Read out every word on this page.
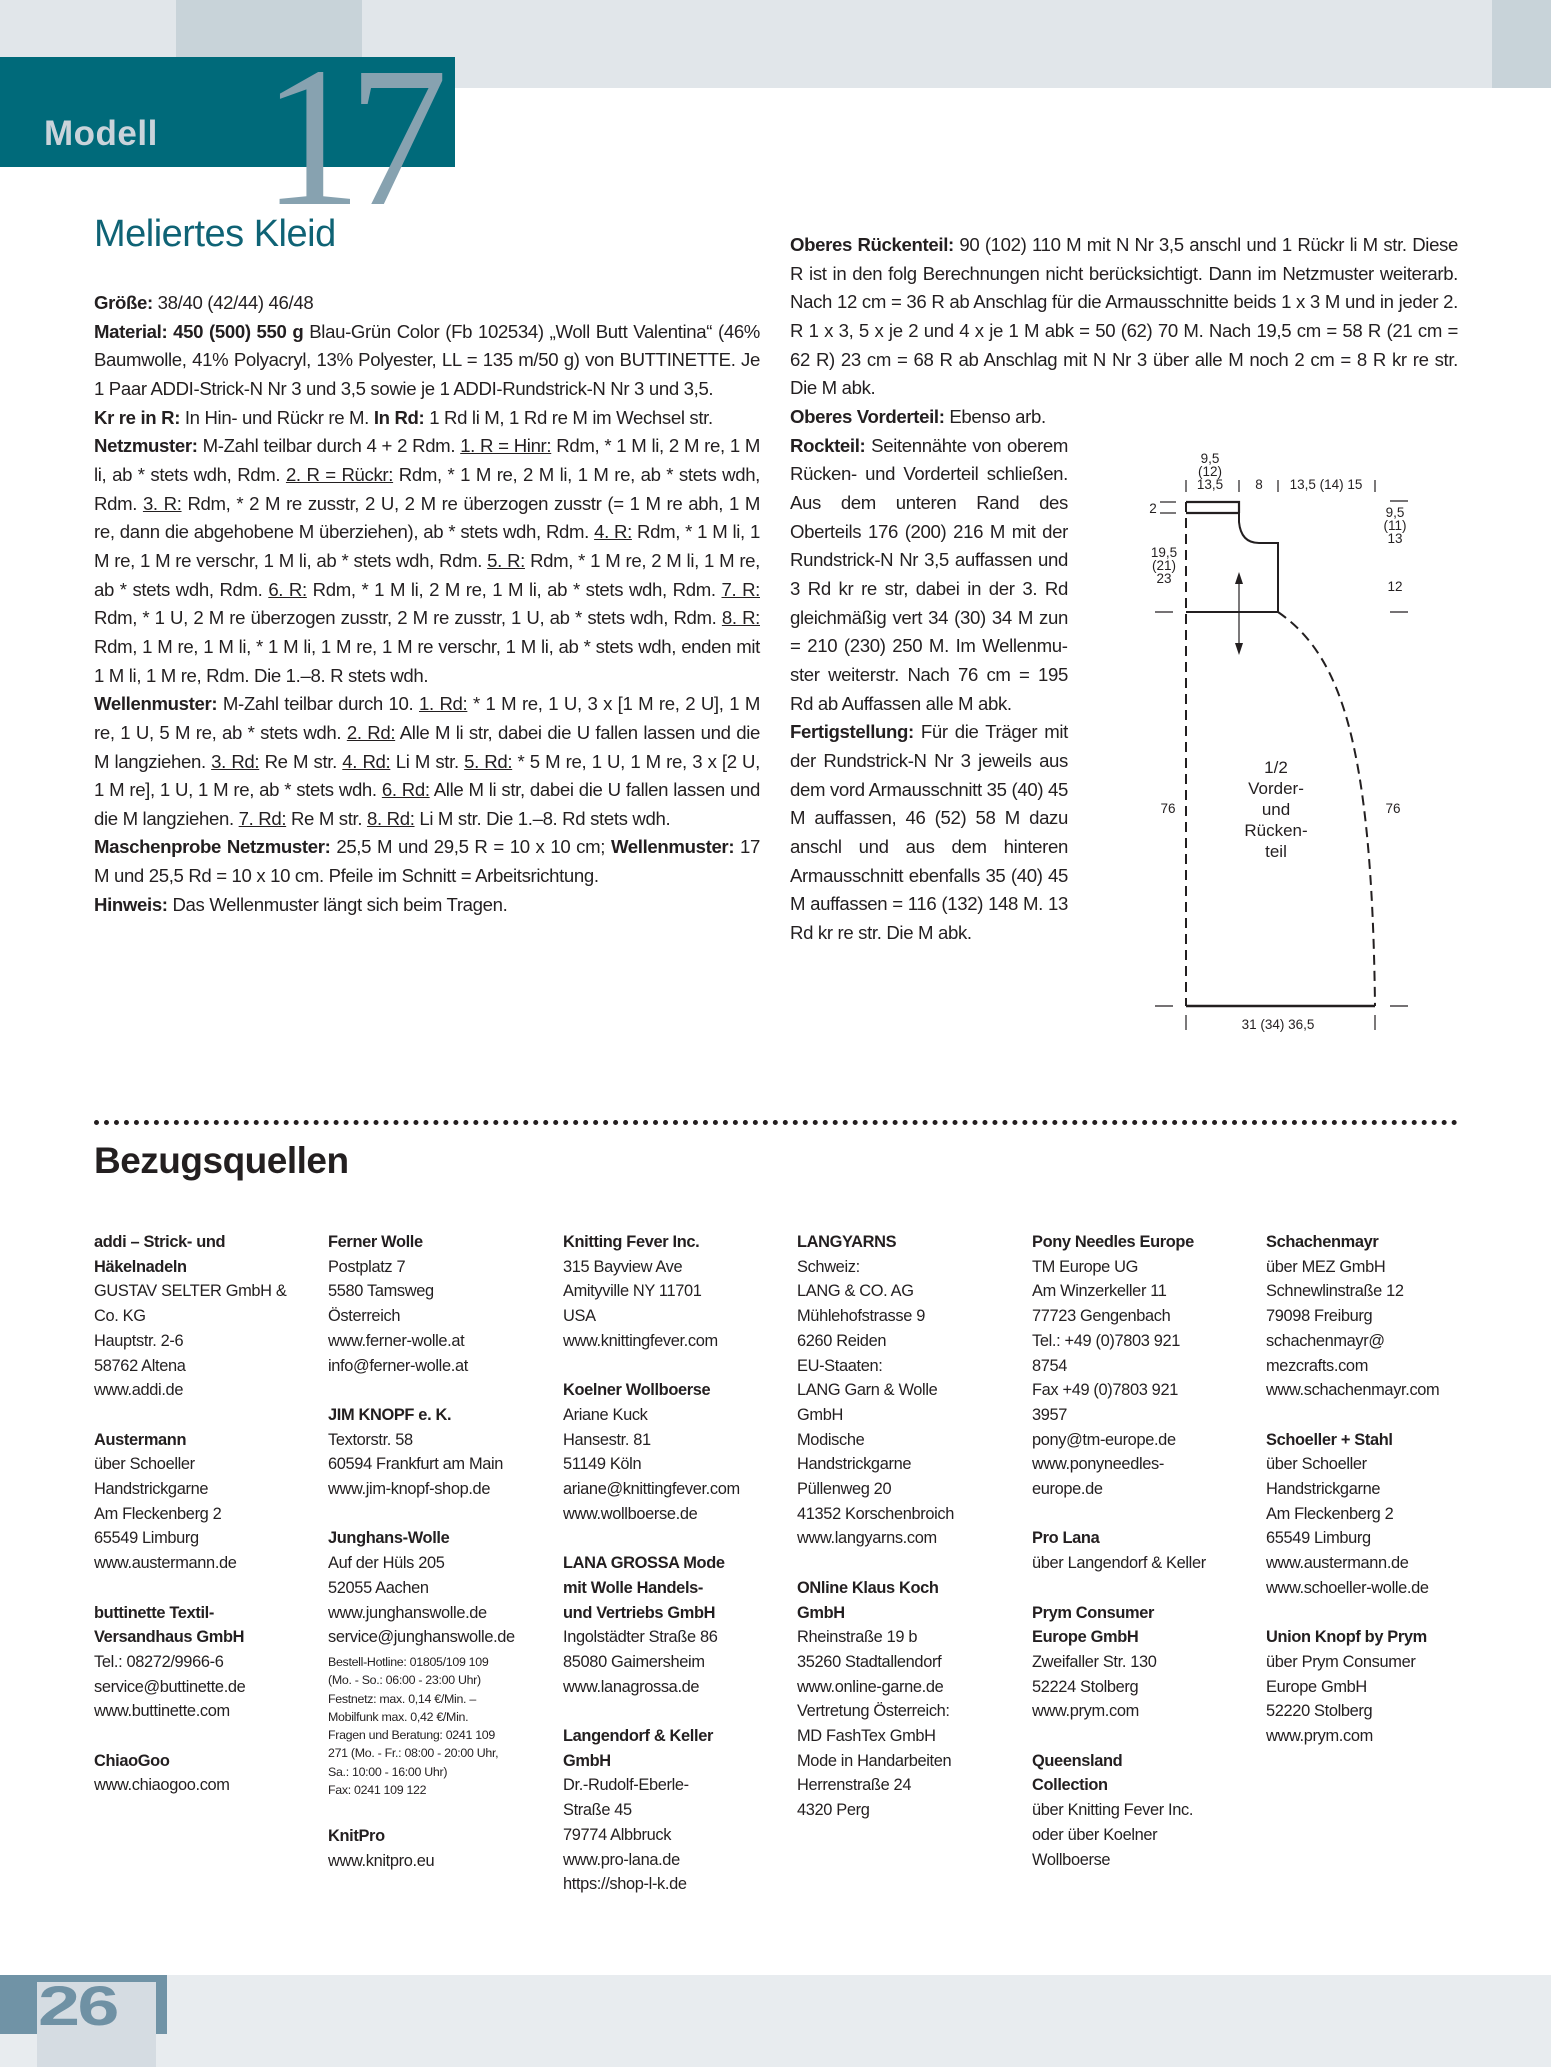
Modell 17
Meliertes Kleid

Größe: 38/40 (42/44) 46/48

Material: 450 (500) 550 g Blau-Grün Color (Fb 102534) „Woll Butt Valentina“ (46% Baumwolle, 41% Polyacryl, 13% Polyester, LL = 135 m/50 g) von BUTTINETTE. Je 1 Paar ADDI-Strick-N Nr 3 und 3,5 sowie je 1 ADDI-Rundstrick-N Nr 3 und 3,5.

Kr re in R: In Hin- und Rückr re M. In Rd: 1 Rd li M, 1 Rd re M im Wechsel str.

Netzmuster: M-Zahl teilbar durch 4 + 2 Rdm. 1. R = Hinr: Rdm, * 1 M li, 2 M re, 1 M li, ab * stets wdh, Rdm. 2. R = Rückr: Rdm, * 1 M re, 2 M li, 1 M re, ab * stets wdh, Rdm. 3. R: Rdm, * 2 M re zusstr, 2 U, 2 M re überzogen zusstr (= 1 M re abh, 1 M re, dann die abgehobene M überziehen), ab * stets wdh, Rdm. 4. R: Rdm, * 1 M li, 1 M re, 1 M re verschr, 1 M li, ab * stets wdh, Rdm. 5. R: Rdm, * 1 M re, 2 M li, 1 M re, ab * stets wdh, Rdm. 6. R: Rdm, * 1 M li, 2 M re, 1 M li, ab * stets wdh, Rdm. 7. R: Rdm, * 1 U, 2 M re überzogen zusstr, 2 M re zusstr, 1 U, ab * stets wdh, Rdm. 8. R: Rdm, 1 M re, 1 M li, * 1 M li, 1 M re, 1 M re verschr, 1 M li, ab * stets wdh, enden mit 1 M li, 1 M re, Rdm. Die 1.–8. R stets wdh.

Wellenmuster: M-Zahl teilbar durch 10. 1. Rd: * 1 M re, 1 U, 3 x [1 M re, 2 U], 1 M re, 1 U, 5 M re, ab * stets wdh. 2. Rd: Alle M li str, dabei die U fallen lassen und die M langziehen. 3. Rd: Re M str. 4. Rd: Li M str. 5. Rd: * 5 M re, 1 U, 1 M re, 3 x [2 U, 1 M re], 1 U, 1 M re, ab * stets wdh. 6. Rd: Alle M li str, dabei die U fallen lassen und die M langziehen. 7. Rd: Re M str. 8. Rd: Li M str. Die 1.–8. Rd stets wdh.

Maschenprobe Netzmuster: 25,5 M und 29,5 R = 10 x 10 cm; Wellenmuster: 17 M und 25,5 Rd = 10 x 10 cm. Pfeile im Schnitt = Arbeitsrichtung.

Hinweis: Das Wellenmuster längt sich beim Tragen.

Oberes Rückenteil: 90 (102) 110 M mit N Nr 3,5 anschl und 1 Rückr li M str. Diese R ist in den folg Berechnungen nicht berücksichtigt. Dann im Netzmuster weiterarb. Nach 12 cm = 36 R ab Anschlag für die Armausschnitte beids 1 x 3 M und in jeder 2. R 1 x 3, 5 x je 2 und 4 x je 1 M abk = 50 (62) 70 M. Nach 19,5 cm = 58 R (21 cm = 62 R) 23 cm = 68 R ab Anschlag mit N Nr 3 über alle M noch 2 cm = 8 R kr re str. Die M abk.

Oberes Vorderteil: Ebenso arb.

Rockteil: Seitennähte von oberem Rücken- und Vorderteil schließen. Aus dem unteren Rand des Oberteils 176 (200) 216 M mit der Rundstrick-N Nr 3,5 auffassen und 3 Rd kr re str, dabei in der 3. Rd gleichmäßig vert 34 (30) 34 M zun = 210 (230) 250 M. Im Wellenmuster weiterstr. Nach 76 cm = 195 Rd ab Auffassen alle M abk.

Fertigstellung: Für die Träger mit der Rundstrick-N Nr 3 jeweils aus dem vord Armausschnitt 35 (40) 45 M auffassen, 46 (52) 58 M dazu anschl und aus dem hinteren Armausschnitt ebenfalls 35 (40) 45 M auffassen = 116 (132) 148 M. 13 Rd kr re str. Die M abk.

9,5
(12)
13,5 8 13,5 (14) 15
2
19,5
(21)
23
9,5
(11)
13
12
76	76
31 (34) 36,5
1/2
Vorder-
und
Rücken-
teil
Bezugsquellen
addi – Strick- und
Häkelnadeln
GUSTAV SELTER GmbH &
Co. KG
Hauptstr. 2-6
58762 Altena
www.addi.de
Austermann
über Schoeller
Handstrickgarne
Am Fleckenberg 2
65549 Limburg
www.austermann.de
buttinette Textil-
Versandhaus GmbH
Tel.: 08272/9966-6
service@buttinette.de
www.buttinette.com
ChiaoGoo
www.chiaogoo.com
Ferner Wolle
Postplatz 7
5580 Tamsweg
Österreich
www.ferner-wolle.at
info@ferner-wolle.at
JIM KNOPF e. K.
Textorstr. 58
60594 Frankfurt am Main
www.jim-knopf-shop.de
Junghans-Wolle
Auf der Hüls 205
52055 Aachen
www.junghanswolle.de
service@junghanswolle.de
Bestell-Hotline: 01805/109 109
(Mo. - So.: 06:00 - 23:00 Uhr)
Festnetz: max. 0,14 €/Min. –
Mobilfunk max. 0,42 €/Min.
Fragen und Beratung: 0241 109
271 (Mo. - Fr.: 08:00 - 20:00 Uhr,
Sa.: 10:00 - 16:00 Uhr)
Fax: 0241 109 122
KnitPro
www.knitpro.eu
Knitting Fever Inc.
315 Bayview Ave
Amityville NY 11701
USA
www.knittingfever.com
Koelner Wollboerse
Ariane Kuck
Hansestr. 81
51149 Köln
ariane@knittingfever.com
www.wollboerse.de
LANA GROSSA Mode
mit Wolle Handels-
und Vertriebs GmbH
Ingolstädter Straße 86
85080 Gaimersheim
www.lanagrossa.de
Langendorf & Keller
GmbH
Dr.-Rudolf-Eberle-
Straße 45
79774 Albbruck
www.pro-lana.de
https://shop-l-k.de
LANGYARNS
Schweiz:
LANG & CO. AG
Mühlehofstrasse 9
6260 Reiden
EU-Staaten:
LANG Garn & Wolle
GmbH
Modische
Handstrickgarne
Püllenweg 20
41352 Korschenbroich
www.langyarns.com
ONline Klaus Koch
GmbH
Rheinstraße 19 b
35260 Stadtallendorf
www.online-garne.de
Vertretung Österreich:
MD FashTex GmbH
Mode in Handarbeiten
Herrenstraße 24
4320 Perg
Pony Needles Europe
TM Europe UG
Am Winzerkeller 11
77723 Gengenbach
Tel.: +49 (0)7803 921
8754
Fax +49 (0)7803 921
3957
pony@tm-europe.de
www.ponyneedles-
europe.de
Pro Lana
über Langendorf & Keller
Prym Consumer
Europe GmbH
Zweifaller Str. 130
52224 Stolberg
www.prym.com
Queensland
Collection
über Knitting Fever Inc.
oder über Koelner
Wollboerse
Schachenmayr
über MEZ GmbH
Schnewlinstraße 12
79098 Freiburg
schachenmayr@
mezcrafts.com
www.schachenmayr.com
Schoeller + Stahl
über Schoeller
Handstrickgarne
Am Fleckenberg 2
65549 Limburg
www.austermann.de
www.schoeller-wolle.de
Union Knopf by Prym
über Prym Consumer
Europe GmbH
52220 Stolberg
www.prym.com
26
